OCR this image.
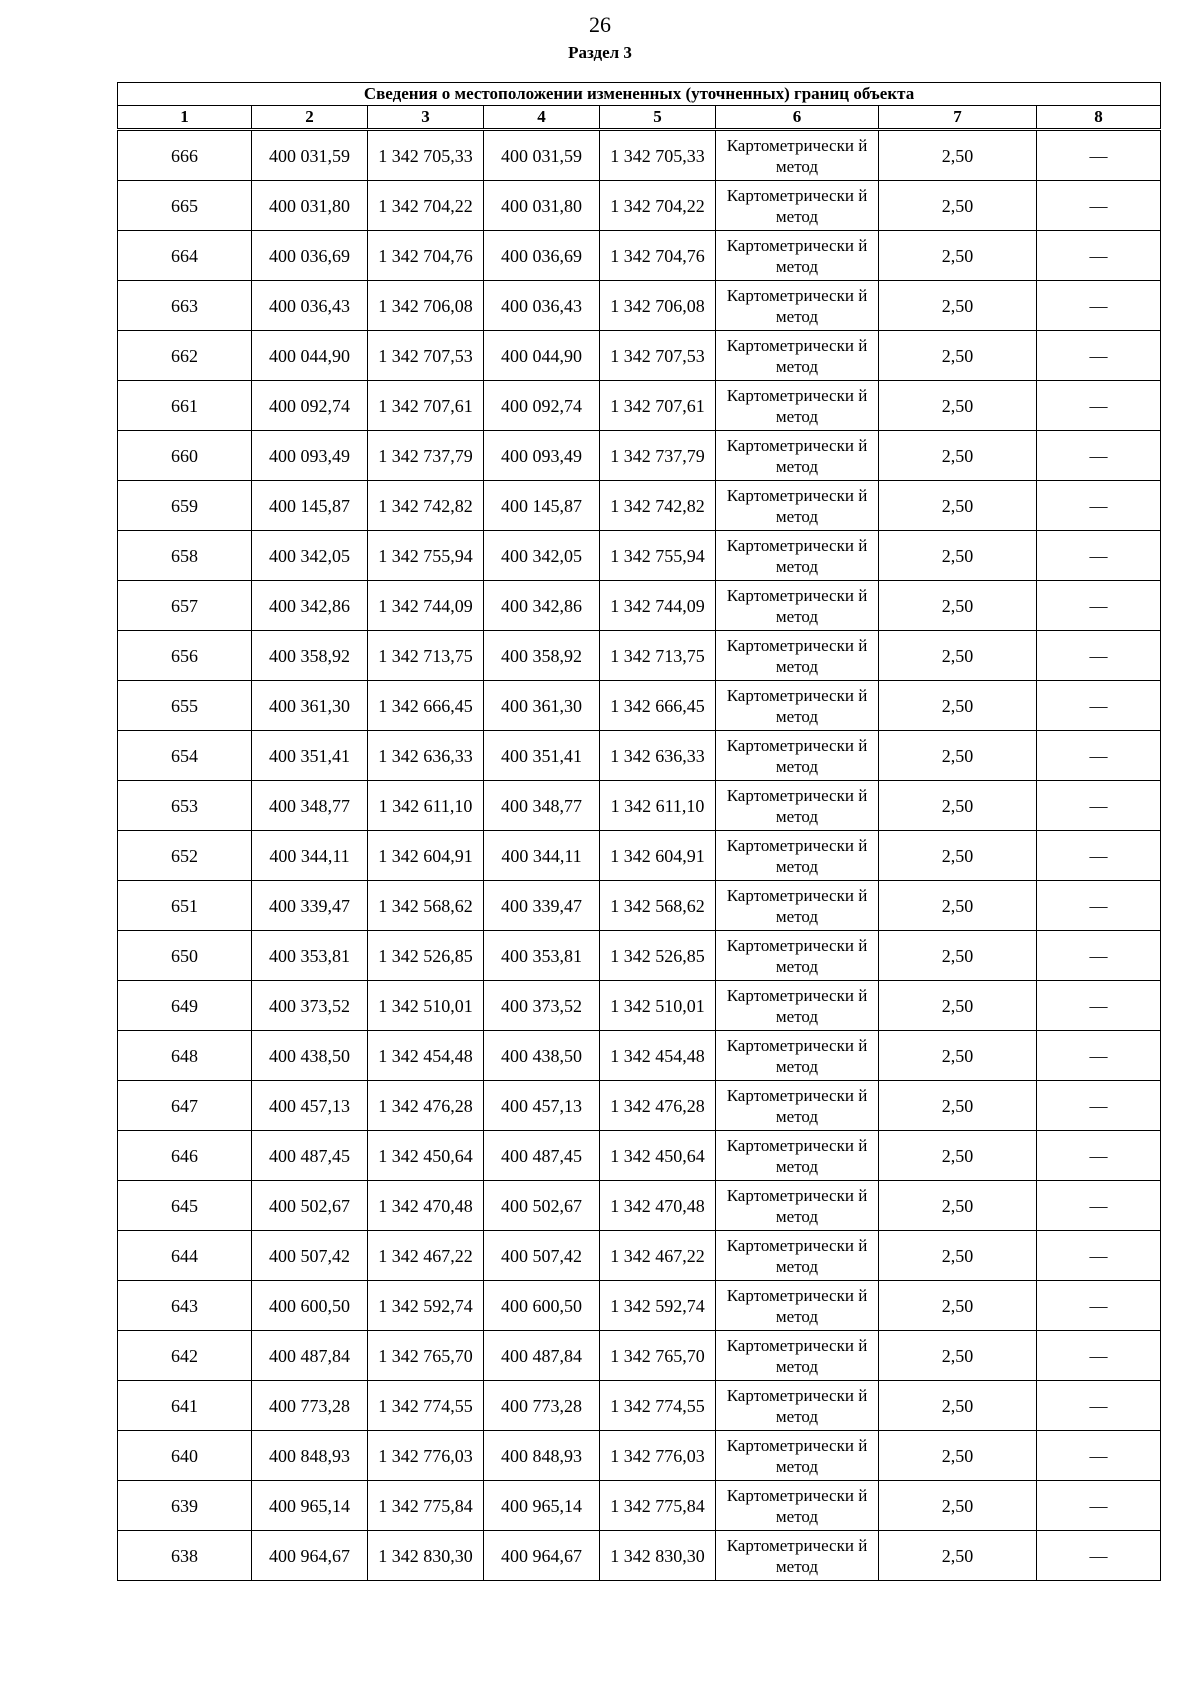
26
Раздел 3
Сведения о местоположении измененных (уточненных) границ объекта							
1	2	3	4	5	6	7	8
666	400 031,59	1 342 705,33	400 031,59	1 342 705,33	Картометрически й метод	2,50	—
665	400 031,80	1 342 704,22	400 031,80	1 342 704,22	Картометрически й метод	2,50	—
664	400 036,69	1 342 704,76	400 036,69	1 342 704,76	Картометрически й метод	2,50	—
663	400 036,43	1 342 706,08	400 036,43	1 342 706,08	Картометрически й метод	2,50	—
662	400 044,90	1 342 707,53	400 044,90	1 342 707,53	Картометрически й метод	2,50	—
661	400 092,74	1 342 707,61	400 092,74	1 342 707,61	Картометрически й метод	2,50	—
660	400 093,49	1 342 737,79	400 093,49	1 342 737,79	Картометрически й метод	2,50	—
659	400 145,87	1 342 742,82	400 145,87	1 342 742,82	Картометрически й метод	2,50	—
658	400 342,05	1 342 755,94	400 342,05	1 342 755,94	Картометрически й метод	2,50	—
657	400 342,86	1 342 744,09	400 342,86	1 342 744,09	Картометрически й метод	2,50	—
656	400 358,92	1 342 713,75	400 358,92	1 342 713,75	Картометрически й метод	2,50	—
655	400 361,30	1 342 666,45	400 361,30	1 342 666,45	Картометрически й метод	2,50	—
654	400 351,41	1 342 636,33	400 351,41	1 342 636,33	Картометрически й метод	2,50	—
653	400 348,77	1 342 611,10	400 348,77	1 342 611,10	Картометрически й метод	2,50	—
652	400 344,11	1 342 604,91	400 344,11	1 342 604,91	Картометрически й метод	2,50	—
651	400 339,47	1 342 568,62	400 339,47	1 342 568,62	Картометрически й метод	2,50	—
650	400 353,81	1 342 526,85	400 353,81	1 342 526,85	Картометрически й метод	2,50	—
649	400 373,52	1 342 510,01	400 373,52	1 342 510,01	Картометрически й метод	2,50	—
648	400 438,50	1 342 454,48	400 438,50	1 342 454,48	Картометрически й метод	2,50	—
647	400 457,13	1 342 476,28	400 457,13	1 342 476,28	Картометрически й метод	2,50	—
646	400 487,45	1 342 450,64	400 487,45	1 342 450,64	Картометрически й метод	2,50	—
645	400 502,67	1 342 470,48	400 502,67	1 342 470,48	Картометрически й метод	2,50	—
644	400 507,42	1 342 467,22	400 507,42	1 342 467,22	Картометрически й метод	2,50	—
643	400 600,50	1 342 592,74	400 600,50	1 342 592,74	Картометрически й метод	2,50	—
642	400 487,84	1 342 765,70	400 487,84	1 342 765,70	Картометрически й метод	2,50	—
641	400 773,28	1 342 774,55	400 773,28	1 342 774,55	Картометрически й метод	2,50	—
640	400 848,93	1 342 776,03	400 848,93	1 342 776,03	Картометрически й метод	2,50	—
639	400 965,14	1 342 775,84	400 965,14	1 342 775,84	Картометрически й метод	2,50	—
638	400 964,67	1 342 830,30	400 964,67	1 342 830,30	Картометрически й метод	2,50	—
